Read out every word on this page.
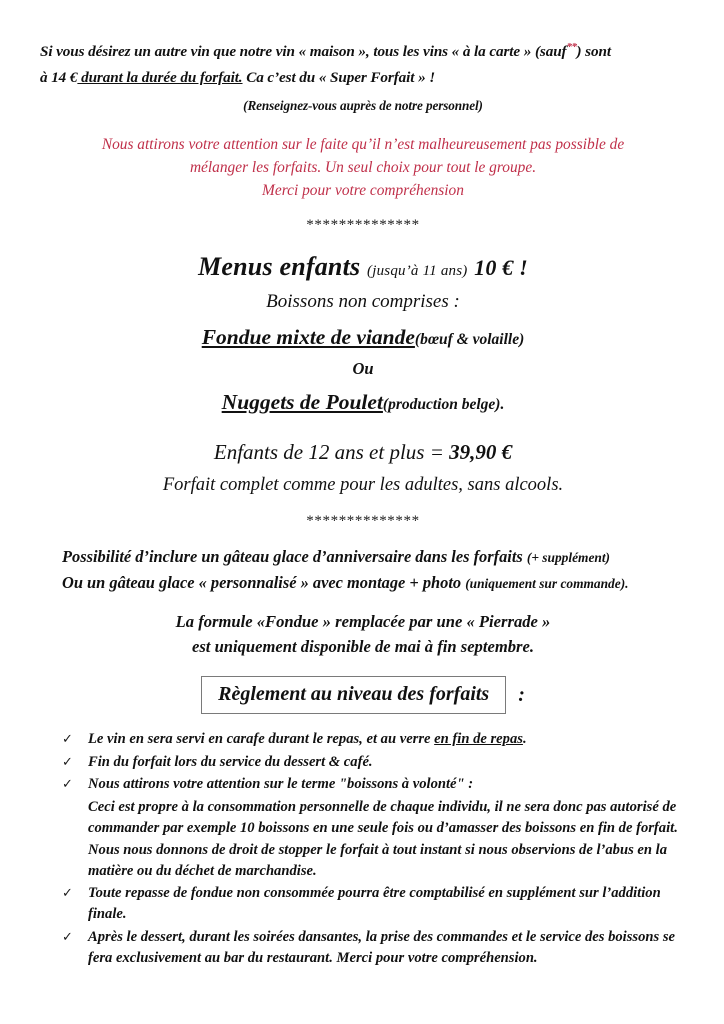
Si vous désirez un autre vin que notre vin « maison », tous les vins « à la carte » (sauf**) sont
à 14 € durant la durée du forfait. Ca c’est du « Super Forfait » !
(Renseignez-vous auprès de notre personnel)
Nous attirons votre attention sur le faite qu’il n’est malheureusement pas possible de
mélanger les forfaits. Un seul choix pour tout le groupe.
Merci pour votre compréhension
**************
Menus enfants (jusqu’à 11 ans) 10 € !
Boissons non comprises :
Fondue mixte de viande(bœuf & volaille)
Ou
Nuggets de Poulet(production belge).
Enfants de 12 ans et plus = 39,90 €
Forfait complet comme pour les adultes, sans alcools.
**************
Possibilité d’inclure un gâteau glace d’anniversaire dans les forfaits (+ supplément)
Ou un gâteau glace « personnalisé » avec montage + photo (uniquement sur commande).
La formule «Fondue » remplacée par une « Pierrade »
est uniquement disponible de mai à fin septembre.
Règlement au niveau des forfaits	:
✓	Le vin en sera servi en carafe durant le repas, et au verre en fin de repas.
✓	Fin du forfait lors du service du dessert & café.
✓	Nous attirons votre attention sur le terme "boissons à volonté" :
Ceci est propre à la consommation personnelle de chaque individu, il ne sera donc pas autorisé de commander par exemple 10 boissons en une seule fois ou d’amasser des boissons en fin de forfait. Nous nous donnons de droit de stopper le forfait à tout instant si nous observions de l’abus en la matière ou du déchet de marchandise.
✓	Toute repasse de fondue non consommée pourra être comptabilisé en supplément sur l’addition finale.
✓	Après le dessert, durant les soirées dansantes, la prise des commandes et le service des boissons se fera exclusivement au bar du restaurant. Merci pour votre compréhension.
